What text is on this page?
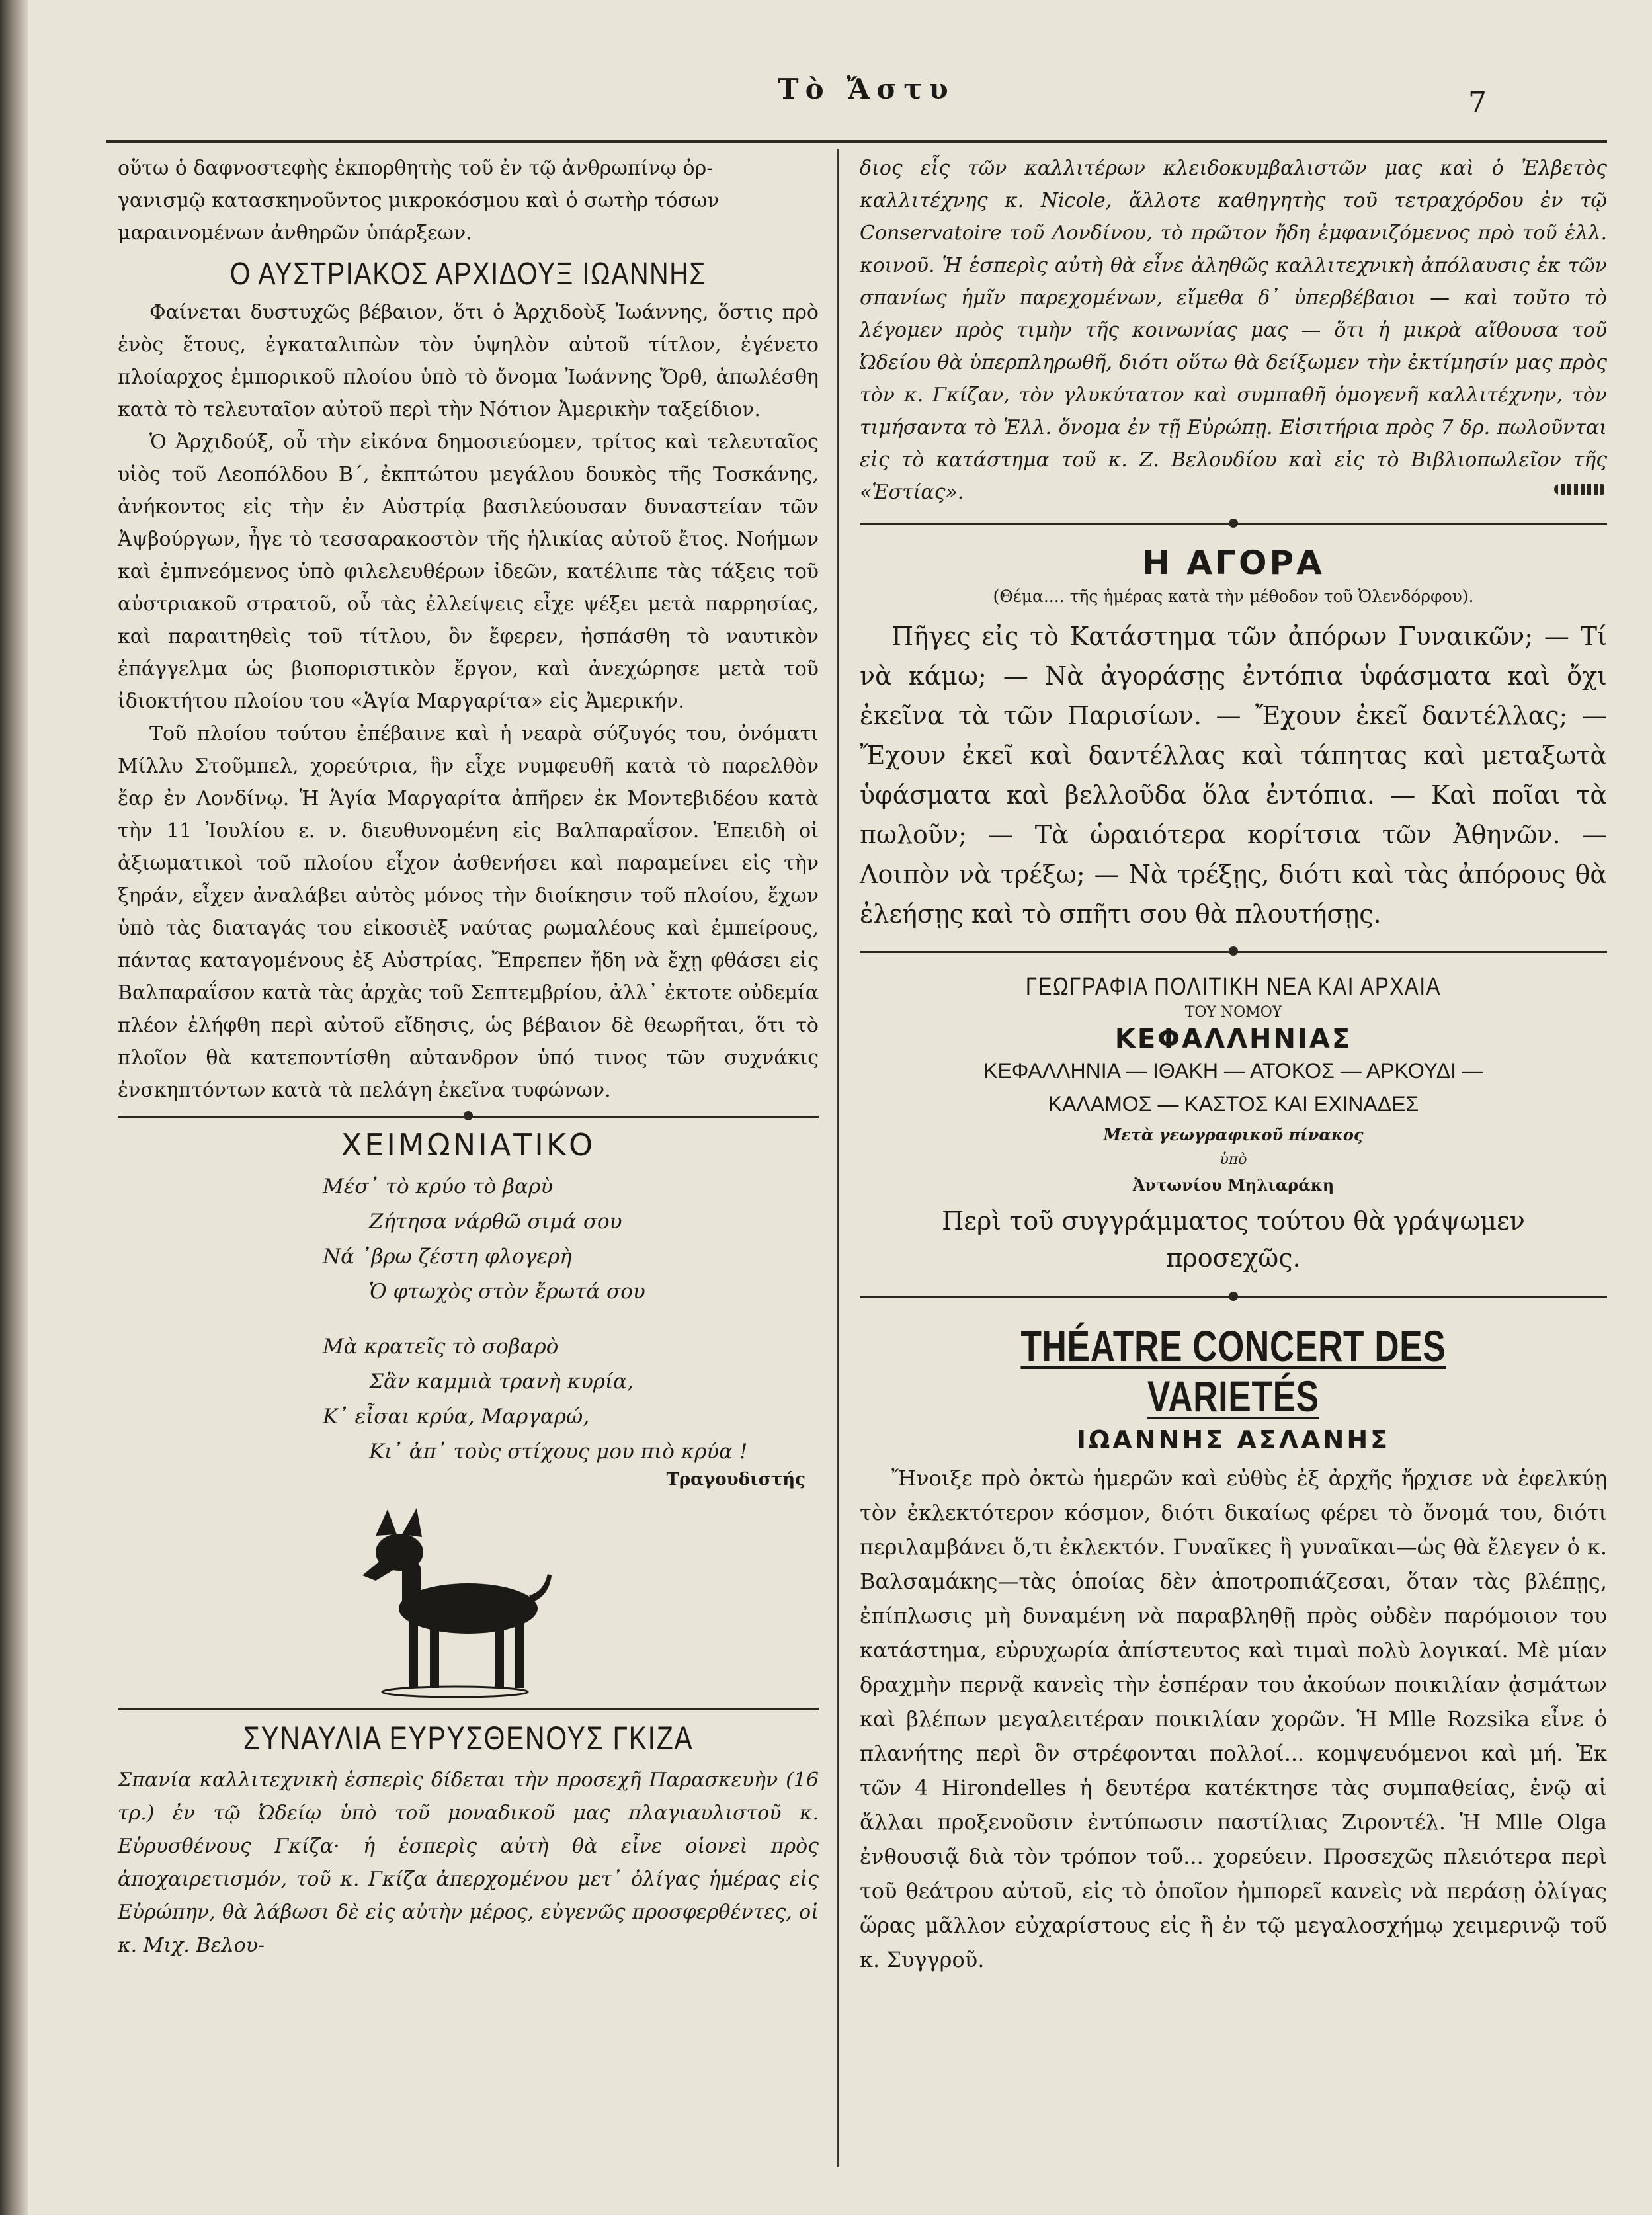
Τὸ Ἄστυ	7

οὕτω ὁ δαφνοστεφὴς ἐκπορθητὴς τοῦ ἐν τῷ ἀνθρωπίνῳ ὀρ-

γανισμῷ κατασκηνοῦντος μικροκόσμου καὶ ὁ σωτὴρ τόσων

μαραινομένων ἀνθηρῶν ὑπάρξεων.

Ο ΑΥΣΤΡΙΑΚΟΣ ΑΡΧΙΔΟΥΞ ΙΩΑΝΝΗΣ

Φαίνεται δυστυχῶς βέβαιον, ὅτι ὁ Ἀρχιδοὺξ Ἰωάννης, ὅστις πρὸ ἑνὸς ἔτους, ἐγκαταλιπὼν τὸν ὑψηλὸν αὐτοῦ τίτλον, ἐγένετο πλοίαρχος ἐμπορικοῦ πλοίου ὑπὸ τὸ ὄνομα Ἰωάννης Ὄρθ, ἀπωλέσθη κατὰ τὸ τελευταῖον αὐτοῦ περὶ τὴν Νότιον Ἀμερικὴν ταξείδιον.

Ὁ Ἀρχιδούξ, οὗ τὴν εἰκόνα δημοσιεύομεν, τρίτος καὶ τελευταῖος υἱὸς τοῦ Λεοπόλδου Β΄, ἐκπτώτου μεγάλου δουκὸς τῆς Τοσκάνης, ἀνήκοντος εἰς τὴν ἐν Αὐστρίᾳ βασιλεύουσαν δυναστείαν τῶν Ἀψβούργων, ἦγε τὸ τεσσαρακοστὸν τῆς ἡλικίας αὐτοῦ ἔτος. Νοήμων καὶ ἐμπνεόμενος ὑπὸ φιλελευθέρων ἰδεῶν, κατέλιπε τὰς τάξεις τοῦ αὐστριακοῦ στρατοῦ, οὗ τὰς ἐλλείψεις εἶχε ψέξει μετὰ παρρησίας, καὶ παραιτηθεὶς τοῦ τίτλου, ὃν ἔφερεν, ἠσπάσθη τὸ ναυτικὸν ἐπάγγελμα ὡς βιοποριστικὸν ἔργον, καὶ ἀνεχώρησε μετὰ τοῦ ἰδιοκτήτου πλοίου του «Ἁγία Μαργαρίτα» εἰς Ἀμερικήν.

Τοῦ πλοίου τούτου ἐπέβαινε καὶ ἡ νεαρὰ σύζυγός του, ὀνόματι Μίλλυ Στοῦμπελ, χορεύτρια, ἣν εἶχε νυμφευθῆ κατὰ τὸ παρελθὸν ἔαρ ἐν Λονδίνῳ. Ἡ Ἁγία Μαργαρίτα ἀπῆρεν ἐκ Μοντεβιδέου κατὰ τὴν 11 Ἰουλίου ε. ν. διευθυνομένη εἰς Βαλπαραΐσον. Ἐπειδὴ οἱ ἀξιωματικοὶ τοῦ πλοίου εἶχον ἀσθενήσει καὶ παραμείνει εἰς τὴν ξηράν, εἶχεν ἀναλάβει αὐτὸς μόνος τὴν διοίκησιν τοῦ πλοίου, ἔχων ὑπὸ τὰς διαταγάς του εἰκοσιὲξ ναύτας ρωμαλέους καὶ ἐμπείρους, πάντας καταγομένους ἐξ Αὐστρίας. Ἔπρεπεν ἤδη νὰ ἔχῃ φθάσει εἰς Βαλπαραΐσον κατὰ τὰς ἀρχὰς τοῦ Σεπτεμβρίου, ἀλλ᾽ ἐκτοτε οὐδεμία πλέον ἐλήφθη περὶ αὐτοῦ εἴδησις, ὡς βέβαιον δὲ θεωρῆται, ὅτι τὸ πλοῖον θὰ κατεποντίσθη αὐτανδρον ὑπό τινος τῶν συχνάκις ἐνσκηπτόντων κατὰ τὰ πελάγη ἐκεῖνα τυφώνων.

ΧΕΙΜΩΝΙΑΤΙΚΟ
Μέσ᾽ τὸ κρύο τὸ βαρὺ
Ζήτησα νάρθῶ σιμά σου
Νά ᾽βρω ζέστη φλογερὴ
Ὁ φτωχὸς στὸν ἔρωτά σου
Μὰ κρατεῖς τὸ σοβαρὸ
Σἂν καμμιὰ τρανὴ κυρία,
Κ᾽ εἶσαι κρύα, Μαργαρώ,
Κι᾽ ἀπ᾽ τοὺς στίχους μου πιὸ κρύα !
Τραγουδιστής
ΣΥΝΑΥΛΙΑ ΕΥΡΥΣΘΕΝΟΥΣ ΓΚΙΖΑ

Σπανία καλλιτεχνικὴ ἑσπερὶς δίδεται τὴν προσεχῆ Παρασκευὴν (16 τρ.) ἐν τῷ Ὠδείῳ ὑπὸ τοῦ μοναδικοῦ μας πλαγιαυλιστοῦ κ. Εὐρυσθένους Γκίζα· ἡ ἑσπερὶς αὐτὴ θὰ εἶνε οἱονεὶ πρὸς ἀποχαιρετισμόν, τοῦ κ. Γκίζα ἀπερχομένου μετ᾽ ὀλίγας ἡμέρας εἰς Εὐρώπην, θὰ λάβωσι δὲ εἰς αὐτὴν μέρος, εὐγενῶς προσφερθέντες, οἱ κ. Μιχ. Βελου-

διος εἷς τῶν καλλιτέρων κλειδοκυμβαλιστῶν μας καὶ ὁ Ἐλβετὸς καλλιτέχνης κ. Nicole, ἄλλοτε καθηγητὴς τοῦ τετραχόρδου ἐν τῷ Conservatoire τοῦ Λονδίνου, τὸ πρῶτον ἤδη ἐμφανιζόμενος πρὸ τοῦ ἑλλ. κοινοῦ. Ἡ ἑσπερὶς αὐτὴ θὰ εἶνε ἀληθῶς καλλιτεχνικὴ ἀπόλαυσις ἐκ τῶν σπανίως ἡμῖν παρεχομένων, εἴμεθα δ᾽ ὑπερβέβαιοι — καὶ τοῦτο τὸ λέγομεν πρὸς τιμὴν τῆς κοινωνίας μας — ὅτι ἡ μικρὰ αἴθουσα τοῦ Ὠδείου θὰ ὑπερπληρωθῆ, διότι οὕτω θὰ δείξωμεν τὴν ἐκτίμησίν μας πρὸς τὸν κ. Γκίζαν, τὸν γλυκύτατον καὶ συμπαθῆ ὁμογενῆ καλλιτέχνην, τὸν τιμήσαντα τὸ Ἑλλ. ὄνομα ἐν τῇ Εὐρώπῃ. Εἰσιτήρια πρὸς 7 δρ. πωλοῦνται εἰς τὸ κατάστημα τοῦ κ. Ζ. Βελουδίου καὶ εἰς τὸ Βιβλιοπωλεῖον τῆς «Ἑστίας».

Η ΑΓΟΡΑ
(Θέμα.... τῆς ἡμέρας κατὰ τὴν μέθοδον τοῦ Ὀλενδόρφου).

Πῆγες εἰς τὸ Κατάστημα τῶν ἀπόρων Γυναικῶν; — Τί νὰ κάμω; — Νὰ ἀγοράσῃς ἐντόπια ὑφάσματα καὶ ὄχι ἐκεῖνα τὰ τῶν Παρισίων. — Ἔχουν ἐκεῖ δαντέλλας; — Ἔχουν ἐκεῖ καὶ δαντέλλας καὶ τάπητας καὶ μεταξωτὰ ὑφάσματα καὶ βελλοῦδα ὅλα ἐντόπια. — Καὶ ποῖαι τὰ πωλοῦν; — Τὰ ὡραιότερα κορίτσια τῶν Ἀθηνῶν. — Λοιπὸν νὰ τρέξω; — Νὰ τρέξῃς, διότι καὶ τὰς ἀπόρους θὰ ἐλεήσῃς καὶ τὸ σπῆτι σου θὰ πλουτήσῃς.

ΓΕΩΓΡΑΦΙΑ ΠΟΛΙΤΙΚΗ ΝΕΑ ΚΑΙ ΑΡΧΑΙΑ
ΤΟΥ ΝΟΜΟΥ
ΚΕΦΑΛΛΗΝΙΑΣ
ΚΕΦΑΛΛΗΝΙΑ — ΙΘΑΚΗ — ΑΤΟΚΟΣ — ΑΡΚΟΥΔΙ —
ΚΑΛΑΜΟΣ — ΚΑΣΤΟΣ ΚΑΙ ΕΧΙΝΑΔΕΣ
Μετὰ γεωγραφικοῦ πίνακος
ὑπὸ
Ἀντωνίου Μηλιαράκη

Περὶ τοῦ συγγράμματος τούτου θὰ γράψωμεν προσεχῶς.

THÉATRE CONCERT DES VARIETÉS
ΙΩΑΝΝΗΣ ΑΣΛΑΝΗΣ

Ἤνοιξε πρὸ ὀκτὼ ἡμερῶν καὶ εὐθὺς ἐξ ἀρχῆς ἤρχισε νὰ ἑφελκύῃ τὸν ἐκλεκτότερον κόσμον, διότι δικαίως φέρει τὸ ὄνομά του, διότι περιλαμβάνει ὅ,τι ἐκλεκτόν. Γυναῖκες ἢ γυναῖκαι—ὡς θὰ ἔλεγεν ὁ κ. Βαλσαμάκης—τὰς ὁποίας δὲν ἀποτροπιάζεσαι, ὅταν τὰς βλέπῃς, ἐπίπλωσις μὴ δυναμένη νὰ παραβληθῇ πρὸς οὐδὲν παρόμοιον του κατάστημα, εὐρυχωρία ἀπίστευτος καὶ τιμαὶ πολὺ λογικαί. Μὲ μίαν δραχμὴν περνᾷ κανεὶς τὴν ἑσπέραν του ἀκούων ποικιλίαν ᾀσμάτων καὶ βλέπων μεγαλειτέραν ποικιλίαν χορῶν. Ἡ Mlle Rozsika εἶνε ὁ πλανήτης περὶ ὃν στρέφονται πολλοί... κομψευόμενοι καὶ μή. Ἐκ τῶν 4 Hirondelles ἡ δευτέρα κατέκτησε τὰς συμπαθείας, ἐνῷ αἱ ἄλλαι προξενοῦσιν ἐντύπωσιν παστίλιας Ζιροντέλ. Ἡ Mlle Olga ἐνθουσιᾷ διὰ τὸν τρόπον τοῦ... χορεύειν. Προσεχῶς πλειότερα περὶ τοῦ θεάτρου αὐτοῦ, εἰς τὸ ὁποῖον ἠμπορεῖ κανεὶς νὰ περάσῃ ὀλίγας ὥρας μᾶλλον εὐχαρίστους εἰς ἢ ἐν τῷ μεγαλοσχήμῳ χειμερινῷ τοῦ κ. Συγγροῦ.
